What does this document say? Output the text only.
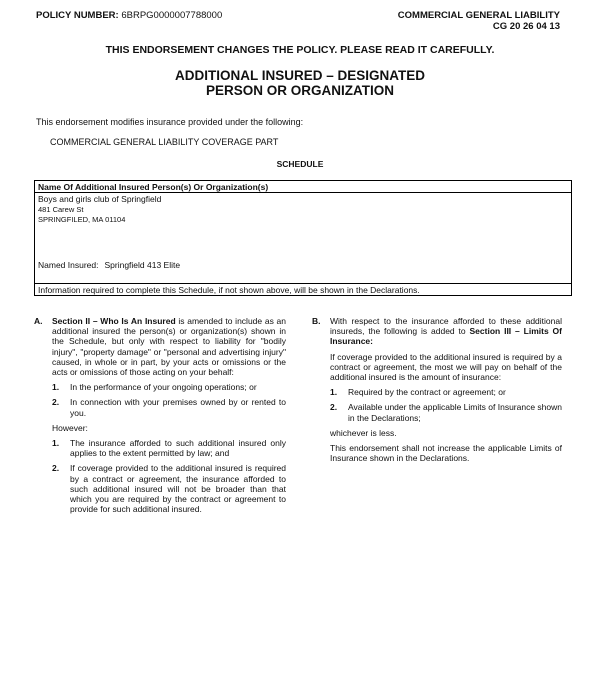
POLICY NUMBER: 6BRPG0000007788000	COMMERCIAL GENERAL LIABILITY
CG 20 26 04 13
THIS ENDORSEMENT CHANGES THE POLICY. PLEASE READ IT CAREFULLY.
ADDITIONAL INSURED – DESIGNATED
PERSON OR ORGANIZATION
This endorsement modifies insurance provided under the following:
COMMERCIAL GENERAL LIABILITY COVERAGE PART
SCHEDULE
Name Of Additional Insured Person(s) Or Organization(s)
Boys and girls club of Springfield
481 Carew St
SPRINGFILED, MA 01104
Named Insured: Springfield 413 Elite
Information required to complete this Schedule, if not shown above, will be shown in the Declarations.
A.	Section II – Who Is An Insured is amended to include as an additional insured the person(s) or organization(s) shown in the Schedule, but only with respect to liability for "bodily injury", "property damage" or "personal and advertising injury" caused, in whole or in part, by your acts or omissions or the acts or omissions of those acting on your behalf:
1.	In the performance of your ongoing operations; or
2.	In connection with your premises owned by or rented to you.
However:
1.	The insurance afforded to such additional insured only applies to the extent permitted by law; and
2.	If coverage provided to the additional insured is required by a contract or agreement, the insurance afforded to such additional insured will not be broader than that which you are required by the contract or agreement to provide for such additional insured.
B.	With respect to the insurance afforded to these additional insureds, the following is added to Section III – Limits Of Insurance:
If coverage provided to the additional insured is required by a contract or agreement, the most we will pay on behalf of the additional insured is the amount of insurance:
1.	Required by the contract or agreement; or
2.	Available under the applicable Limits of Insurance shown in the Declarations;
whichever is less.
This endorsement shall not increase the applicable Limits of Insurance shown in the Declarations.
